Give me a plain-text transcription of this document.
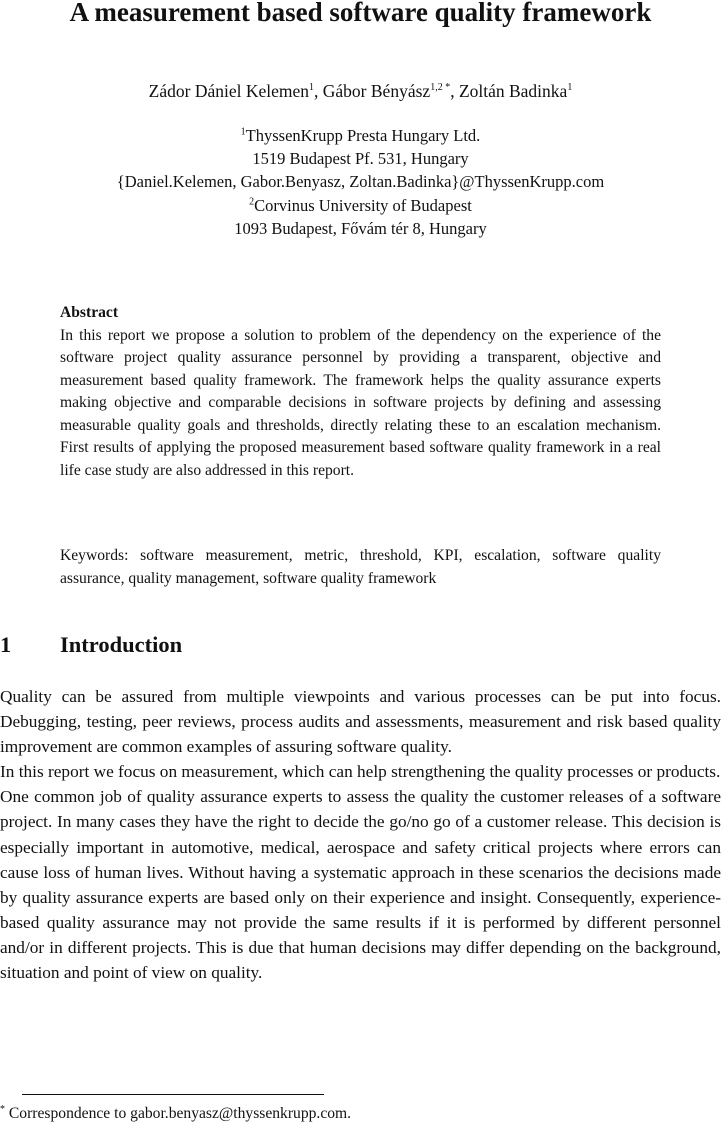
A measurement based software quality framework
Zádor Dániel Kelemen$^1$, Gábor Bényász$^{1,2 *}$, Zoltán Badinka$^1$
$^1$ThyssenKrupp Presta Hungary Ltd.
1519 Budapest Pf. 531, Hungary
{Daniel.Kelemen, Gabor.Benyasz, Zoltan.Badinka}@ThyssenKrupp.com
$^2$Corvinus University of Budapest
1093 Budapest, Fővám tér 8, Hungary
Abstract
In this report we propose a solution to problem of the dependency on the experience of the software project quality assurance personnel by providing a transparent, objective and measurement based quality framework. The framework helps the quality assurance experts making objective and comparable decisions in software projects by defining and assessing measurable quality goals and thresholds, directly relating these to an escalation mechanism. First results of applying the proposed measurement based software quality framework in a real life case study are also addressed in this report.
Keywords: software measurement, metric, threshold, KPI, escalation, software quality assurance, quality management, software quality framework
1 Introduction

Quality can be assured from multiple viewpoints and various processes can be put into focus. Debugging, testing, peer reviews, process audits and assessments, measurement and risk based quality improvement are common examples of assuring software quality.

In this report we focus on measurement, which can help strengthening the quality processes or products.

One common job of quality assurance experts to assess the quality the customer releases of a software project. In many cases they have the right to decide the go/no go of a customer release. This decision is especially important in automotive, medical, aerospace and safety critical projects where errors can cause loss of human lives. Without having a systematic approach in these scenarios the decisions made by quality assurance experts are based only on their experience and insight. Consequently, experience-based quality assurance may not provide the same results if it is performed by different personnel and/or in different projects. This is due that human decisions may differ depending on the background, situation and point of view on quality.

* Correspondence to gabor.benyasz@thyssenkrupp.com.
